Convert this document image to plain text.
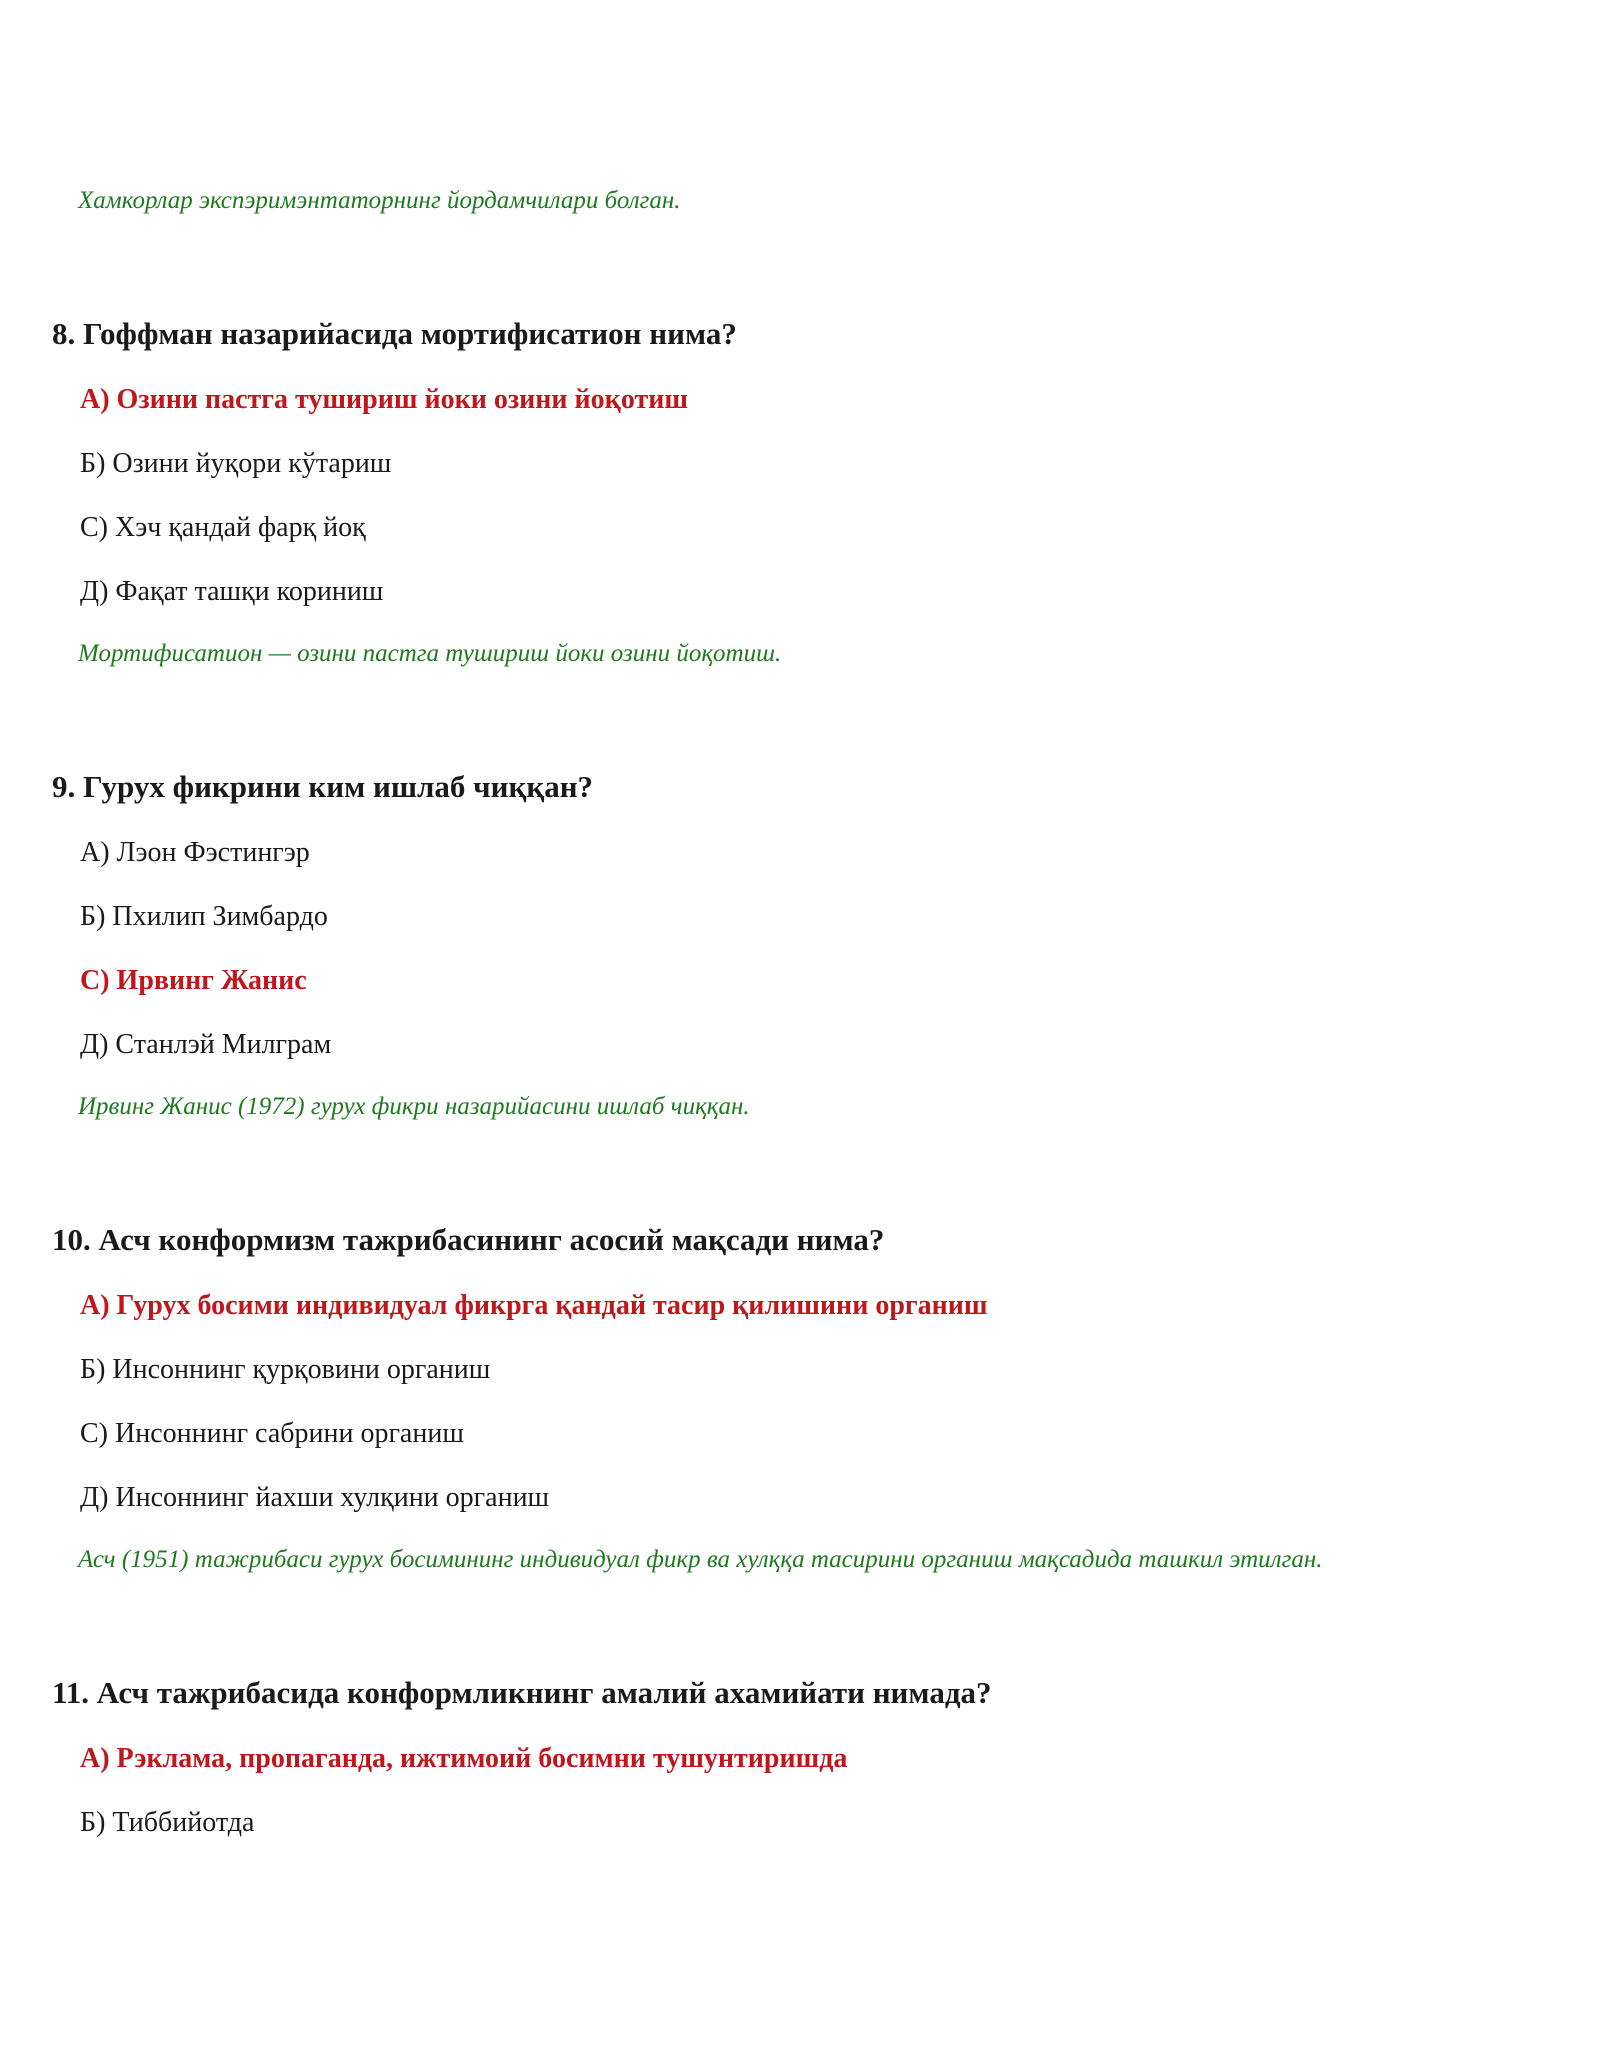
Хамкорлар экспэримэнтаторнинг йордамчилари болган.
8. Гоффман назарийасида мортифисатион нима?
А) Озини пастга тушириш йоки озини йоқотиш
Б) Озини йуқори кўтариш
С) Хэч қандай фарқ йоқ
Д) Фақат ташқи кориниш
Мортифисатион — озини пастга тушириш йоки озини йоқотиш.
9. Гурух фикрини ким ишлаб чиққан?
А) Лэон Фэстингэр
Б) Пхилип Зимбардо
С) Ирвинг Жанис
Д) Станлэй Милграм
Ирвинг Жанис (1972) гурух фикри назарийасини ишлаб чиққан.
10. Асч конформизм тажрибасининг асосий мақсади нима?
А) Гурух босими индивидуал фикрга қандай тасир қилишини органиш
Б) Инсоннинг қурқовини органиш
С) Инсоннинг сабрини органиш
Д) Инсоннинг йахши хулқини органиш
Асч (1951) тажрибаси гурух босимининг индивидуал фикр ва хулққа тасирини органиш мақсадида ташкил этилган.
11. Асч тажрибасида конформликнинг амалий ахамийати нимада?
А) Рэклама, пропаганда, ижтимоий босимни тушунтиришда
Б) Тиббийотда
